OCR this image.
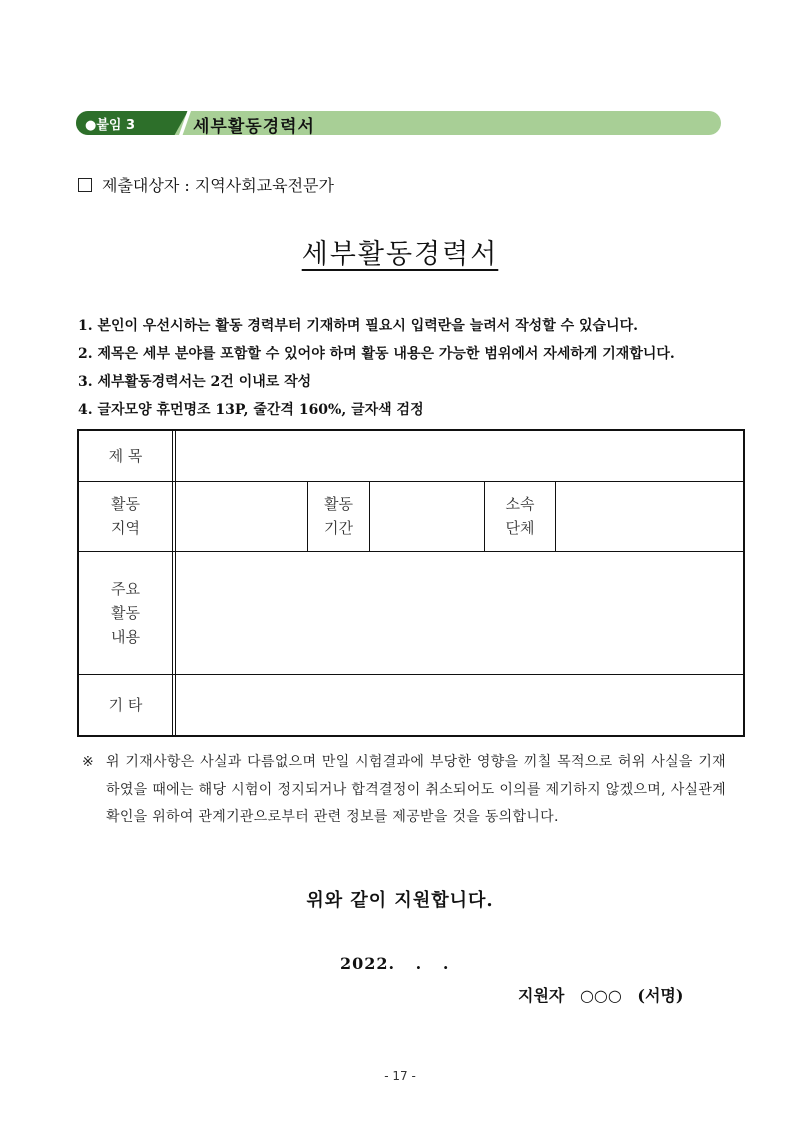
●붙임 3	세부활동경력서
제출대상자 : 지역사회교육전문가
세부활동경력서
1. 본인이 우선시하는 활동 경력부터 기재하며 필요시 입력란을 늘려서 작성할 수 있습니다.
2. 제목은 세부 분야를 포함할 수 있어야 하며 활동 내용은 가능한 범위에서 자세하게 기재합니다.
3. 세부활동경력서는 2건 이내로 작성
4. 글자모양 휴먼명조 13P, 줄간격 160%, 글자색 검정
제 목
활동
지역
활동
기간
소속
단체
주요
활동
내용
기 타
※ 위 기재사항은 사실과 다름없으며 만일 시험결과에 부당한 영향을 끼칠 목적으로 허위 사실을 기재하였을 때에는 해당 시험이 정지되거나 합격결정이 취소되어도 이의를 제기하지 않겠으며, 사실관계 확인을 위하여 관계기관으로부터 관련 정보를 제공받을 것을 동의합니다.
위와 같이 지원합니다.
2022. . .
지원자 ○○○ (서명)
- 17 -
